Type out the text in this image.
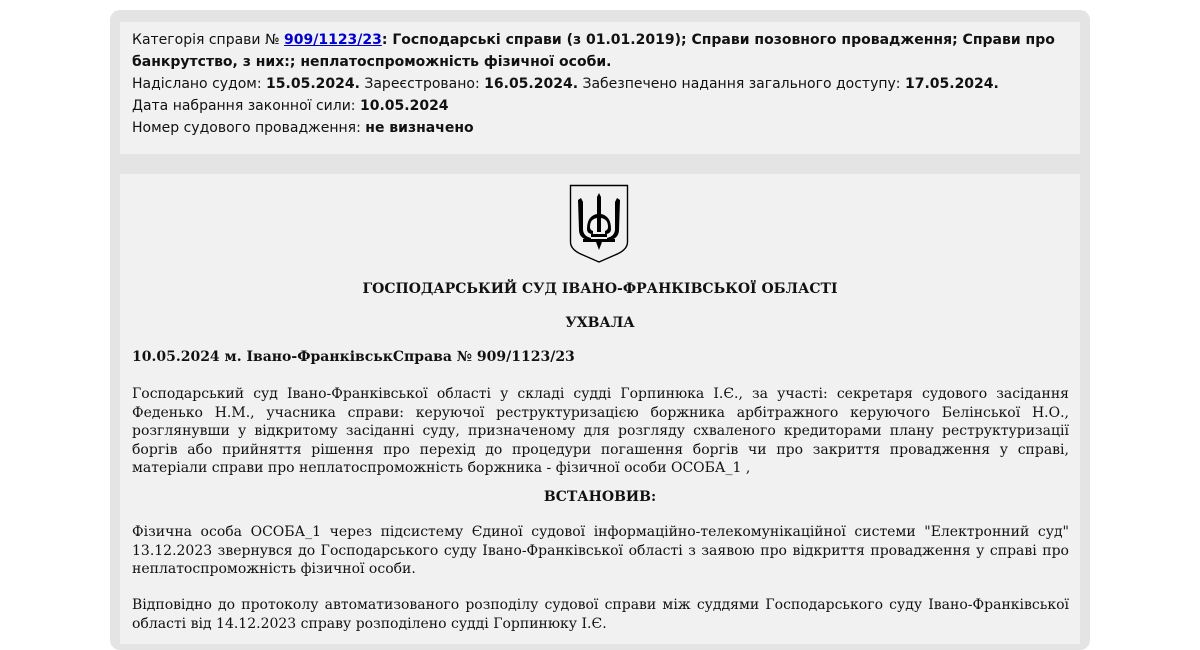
Категорія справи № 909/1123/23: Господарські справи (з 01.01.2019); Справи позовного провадження; Справи про банкрутство, з них:; неплатоспроможність фізичної особи.
Надіслано судом: 15.05.2024. Зареєстровано: 16.05.2024. Забезпечено надання загального доступу: 17.05.2024.
Дата набрання законної сили: 10.05.2024
Номер судового провадження: не визначено
ГОСПОДАРСЬКИЙ СУД ІВАНО-ФРАНКІВСЬКОЇ ОБЛАСТІ
УХВАЛА
10.05.2024 м. Івано-ФранківськСправа № 909/1123/23
Господарський суд Івано-Франківської області у складі судді Горпинюка І.Є., за участі: секретаря судового засідання Феденько Н.М., учасника справи: керуючої реструктуризацією боржника арбітражного керуючого Белінської Н.О., розглянувши у відкритому засіданні суду, призначеному для розгляду схваленого кредиторами плану реструктуризації боргів або прийняття рішення про перехід до процедури погашення боргів чи про закриття провадження у справі, матеріали справи про неплатоспроможність боржника - фізичної особи ОСОБА_1 ,
ВСТАНОВИВ:
Фізична особа ОСОБА_1 через підсистему Єдиної судової інформаційно-телекомунікаційної системи "Електронний суд" 13.12.2023 звернувся до Господарського суду Івано-Франківської області з заявою про відкриття провадження у справі про неплатоспроможність фізичної особи.
Відповідно до протоколу автоматизованого розподілу судової справи між суддями Господарського суду Івано-Франківської області від 14.12.2023 справу розподілено судді Горпинюку І.Є.
